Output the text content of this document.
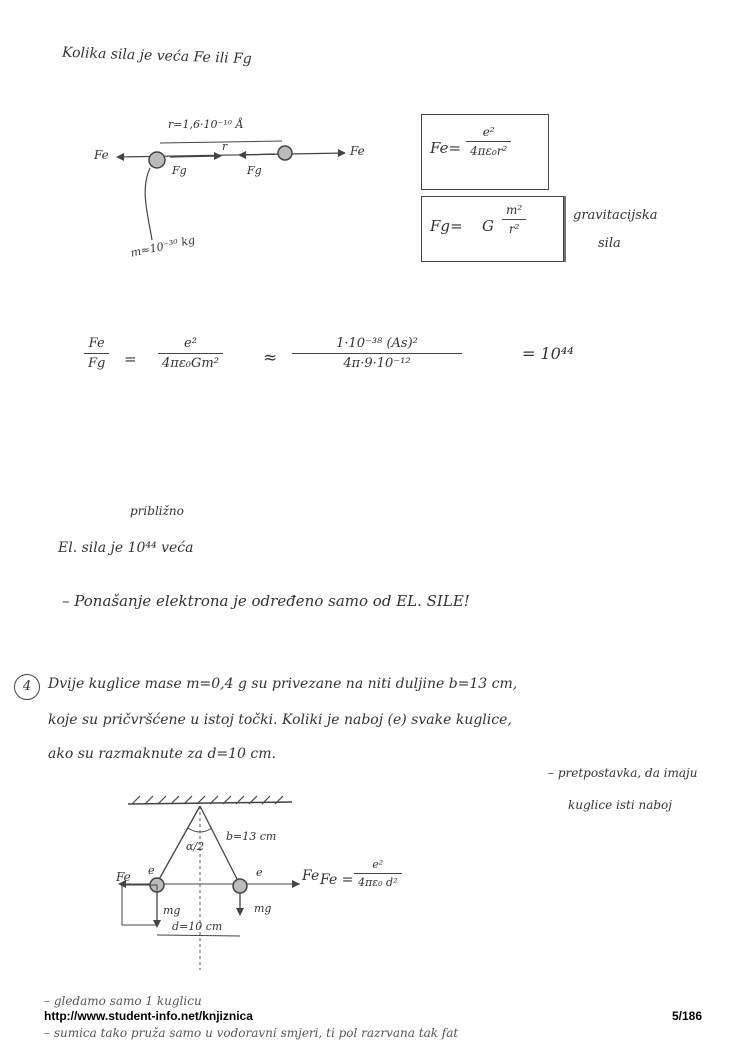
Kolika sila je veća Fe ili Fg
r=1,6·10⁻¹⁰ Å
r
Fe	Fe
Fg	Fg
m≈10⁻³⁰ kg
$Fe= \frac{\text{e²}}{\text{4πε₀r²}}$
Fg= G $\frac{\text{m²}}{\text{r²}}$	gravitacijska
sila
$\frac{Fe}{Fg} = \frac{\text{e²}}{\text{4πε₀Gm²}} \approx \frac{\text{1·10⁻³⁸ (As)²}}{\text{4π·9·10⁻¹²}}$	= 10⁴⁴
približno
El. sila je 10⁴⁴ veća
– Ponašanje elektrona je određeno samo od EL. SILE!
4	Dvije kuglice mase m=0,4 g su privezane na niti duljine b=13 cm,
koje su pričvršćene u istoj točki. Koliki je naboj (e) svake kuglice,
ako su razmaknute za d=10 cm.
– pretpostavka, da imaju
kuglice isti naboj
b=13 cm
α/2
Fe	Fe
e	e
mg	mg
d=10 cm
$Fe = \frac{\text{e²}}{\text{4πε₀ d²}}$
– gledamo samo 1 kuglicu
– sumica tako pruža samo u vodoravni smjeri, ti pol razrvana tak fat
http://www.student-info.net/knjiznica	5/186
